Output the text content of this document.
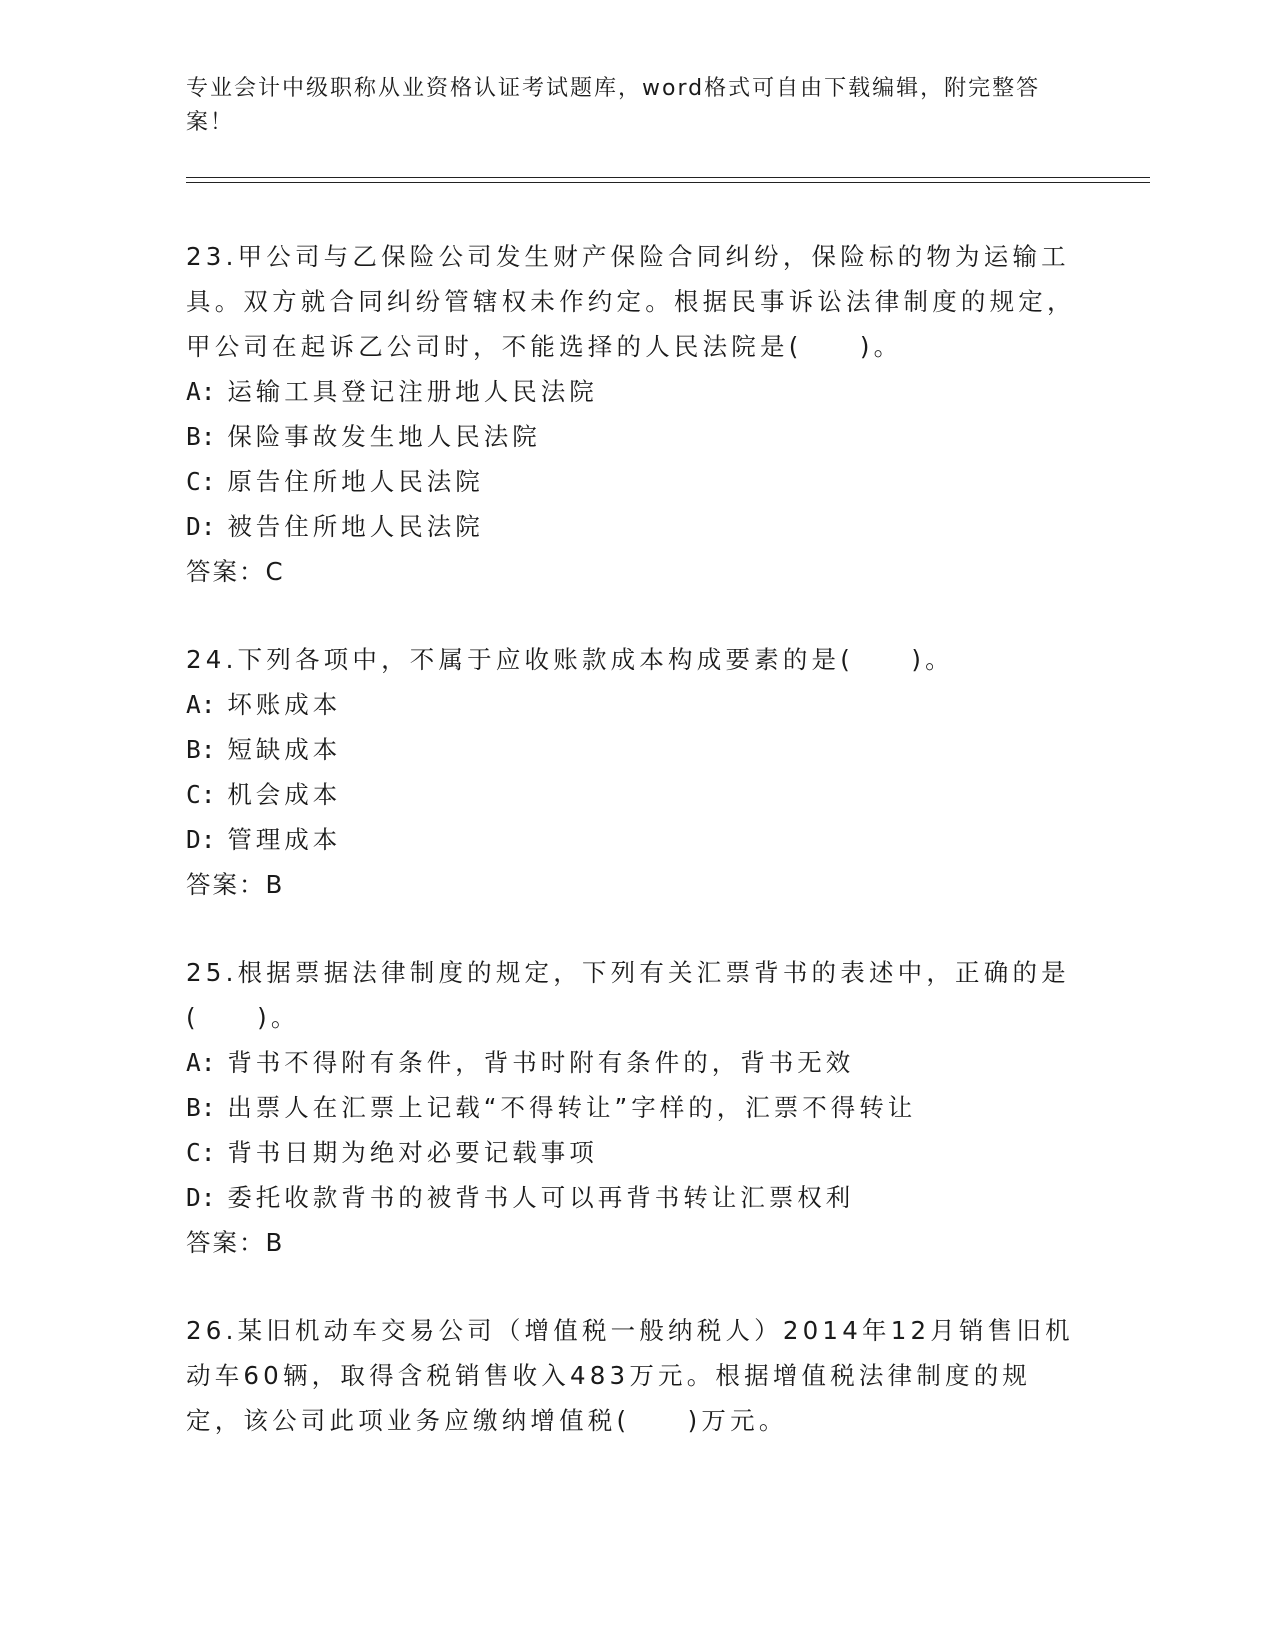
专业会计中级职称从业资格认证考试题库，word格式可自由下载编辑，附完整答案！
23.甲公司与乙保险公司发生财产保险合同纠纷，保险标的物为运输工具。双方就合同纠纷管辖权未作约定。根据民事诉讼法律制度的规定，甲公司在起诉乙公司时，不能选择的人民法院是(　　)。
A: 运输工具登记注册地人民法院
B: 保险事故发生地人民法院
C: 原告住所地人民法院
D: 被告住所地人民法院
答案：C
24.下列各项中，不属于应收账款成本构成要素的是(　　)。
A: 坏账成本
B: 短缺成本
C: 机会成本
D: 管理成本
答案：B
25.根据票据法律制度的规定，下列有关汇票背书的表述中，正确的是(　　)。
A: 背书不得附有条件，背书时附有条件的，背书无效
B: 出票人在汇票上记载“不得转让”字样的，汇票不得转让
C: 背书日期为绝对必要记载事项
D: 委托收款背书的被背书人可以再背书转让汇票权利
答案：B
26.某旧机动车交易公司（增值税一般纳税人）2014年12月销售旧机动车60辆，取得含税销售收入483万元。根据增值税法律制度的规定，该公司此项业务应缴纳增值税(　　)万元。
